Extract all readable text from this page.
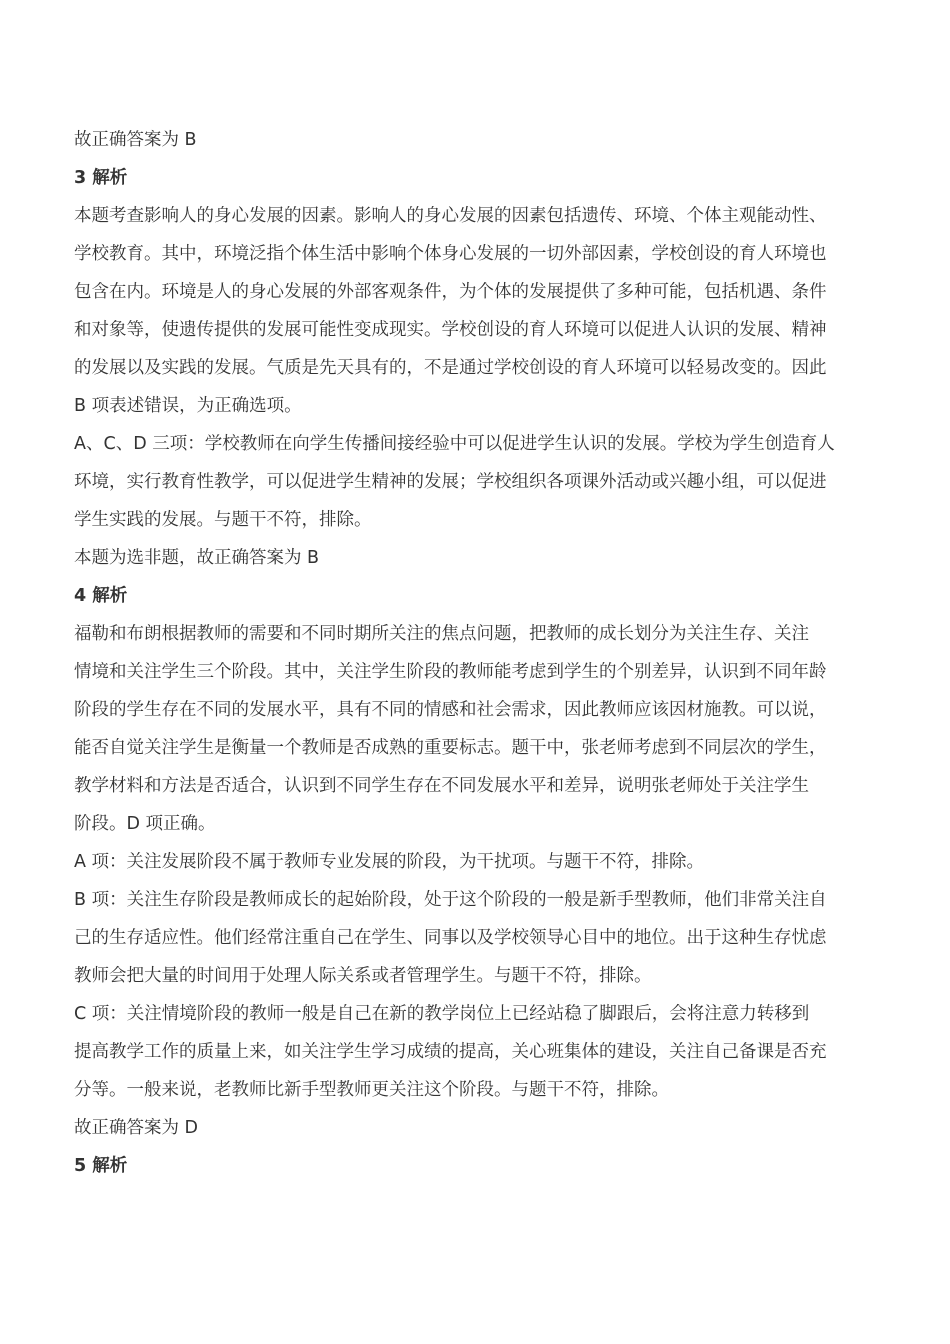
故正确答案为 B
3 解析
本题考查影响人的身心发展的因素。影响人的身心发展的因素包括遗传、环境、个体主观能动性、
学校教育。其中，环境泛指个体生活中影响个体身心发展的一切外部因素，学校创设的育人环境也
包含在内。环境是人的身心发展的外部客观条件，为个体的发展提供了多种可能，包括机遇、条件
和对象等，使遗传提供的发展可能性变成现实。学校创设的育人环境可以促进人认识的发展、精神
的发展以及实践的发展。气质是先天具有的，不是通过学校创设的育人环境可以轻易改变的。因此
B 项表述错误，为正确选项。
A、C、D 三项：学校教师在向学生传播间接经验中可以促进学生认识的发展。学校为学生创造育人
环境，实行教育性教学，可以促进学生精神的发展；学校组织各项课外活动或兴趣小组，可以促进
学生实践的发展。与题干不符，排除。
本题为选非题，故正确答案为 B
4 解析
福勒和布朗根据教师的需要和不同时期所关注的焦点问题，把教师的成长划分为关注生存、关注
情境和关注学生三个阶段。其中，关注学生阶段的教师能考虑到学生的个别差异，认识到不同年龄
阶段的学生存在不同的发展水平，具有不同的情感和社会需求，因此教师应该因材施教。可以说，
能否自觉关注学生是衡量一个教师是否成熟的重要标志。题干中，张老师考虑到不同层次的学生，
教学材料和方法是否适合，认识到不同学生存在不同发展水平和差异，说明张老师处于关注学生
阶段。D 项正确。
A 项：关注发展阶段不属于教师专业发展的阶段，为干扰项。与题干不符，排除。
B 项：关注生存阶段是教师成长的起始阶段，处于这个阶段的一般是新手型教师，他们非常关注自
己的生存适应性。他们经常注重自己在学生、同事以及学校领导心目中的地位。出于这种生存忧虑
教师会把大量的时间用于处理人际关系或者管理学生。与题干不符，排除。
C 项：关注情境阶段的教师一般是自己在新的教学岗位上已经站稳了脚跟后，会将注意力转移到
提高教学工作的质量上来，如关注学生学习成绩的提高，关心班集体的建设，关注自己备课是否充
分等。一般来说，老教师比新手型教师更关注这个阶段。与题干不符，排除。
故正确答案为 D
5 解析
